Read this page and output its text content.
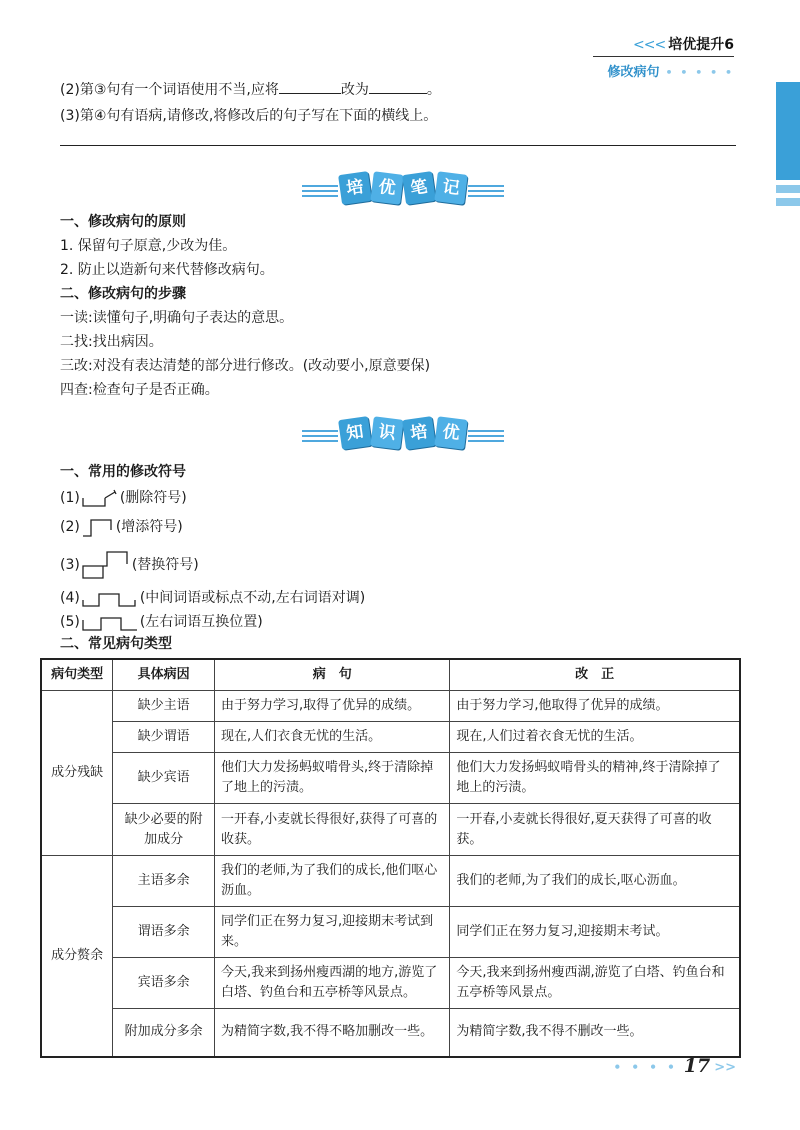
<<< 培优提升6
修改病句 • • • • •
(2)第③句有一个词语使用不当,应将	改为	。
(3)第④句有语病,请修改,将修改后的句子写在下面的横线上。
培 优 笔 记
一、修改病句的原则
1. 保留句子原意,少改为佳。
2. 防止以造新句来代替修改病句。
二、修改病句的步骤
一读:读懂句子,明确句子表达的意思。
二找:找出病因。
三改:对没有表达清楚的部分进行修改。(改动要小,原意要保)
四查:检查句子是否正确。
知 识 培 优
一、常用的修改符号
(1)	(删除符号)
(2)	(增添符号)
(3)	(替换符号)
(4)	(中间词语或标点不动,左右词语对调)
(5)	(左右词语互换位置)
二、常见病句类型
病句类型	具体病因	病　句	改　正
成分残缺	缺少主语	由于努力学习,取得了优异的成绩。	由于努力学习,他取得了优异的成绩。
	缺少谓语	现在,人们衣食无忧的生活。	现在,人们过着衣食无忧的生活。
	缺少宾语	他们大力发扬蚂蚁啃骨头,终于清除掉了地上的污渍。	他们大力发扬蚂蚁啃骨头的精神,终于清除掉了地上的污渍。
	缺少必要的附加成分	一开春,小麦就长得很好,获得了可喜的收获。	一开春,小麦就长得很好,夏天获得了可喜的收获。
成分赘余	主语多余	我们的老师,为了我们的成长,他们呕心沥血。	我们的老师,为了我们的成长,呕心沥血。
	谓语多余	同学们正在努力复习,迎接期末考试到来。	同学们正在努力复习,迎接期末考试。
	宾语多余	今天,我来到扬州瘦西湖的地方,游览了白塔、钓鱼台和五亭桥等风景点。	今天,我来到扬州瘦西湖,游览了白塔、钓鱼台和五亭桥等风景点。
	附加成分多余	为精简字数,我不得不略加删改一些。	为精简字数,我不得不删改一些。
• • • • 17 >>
